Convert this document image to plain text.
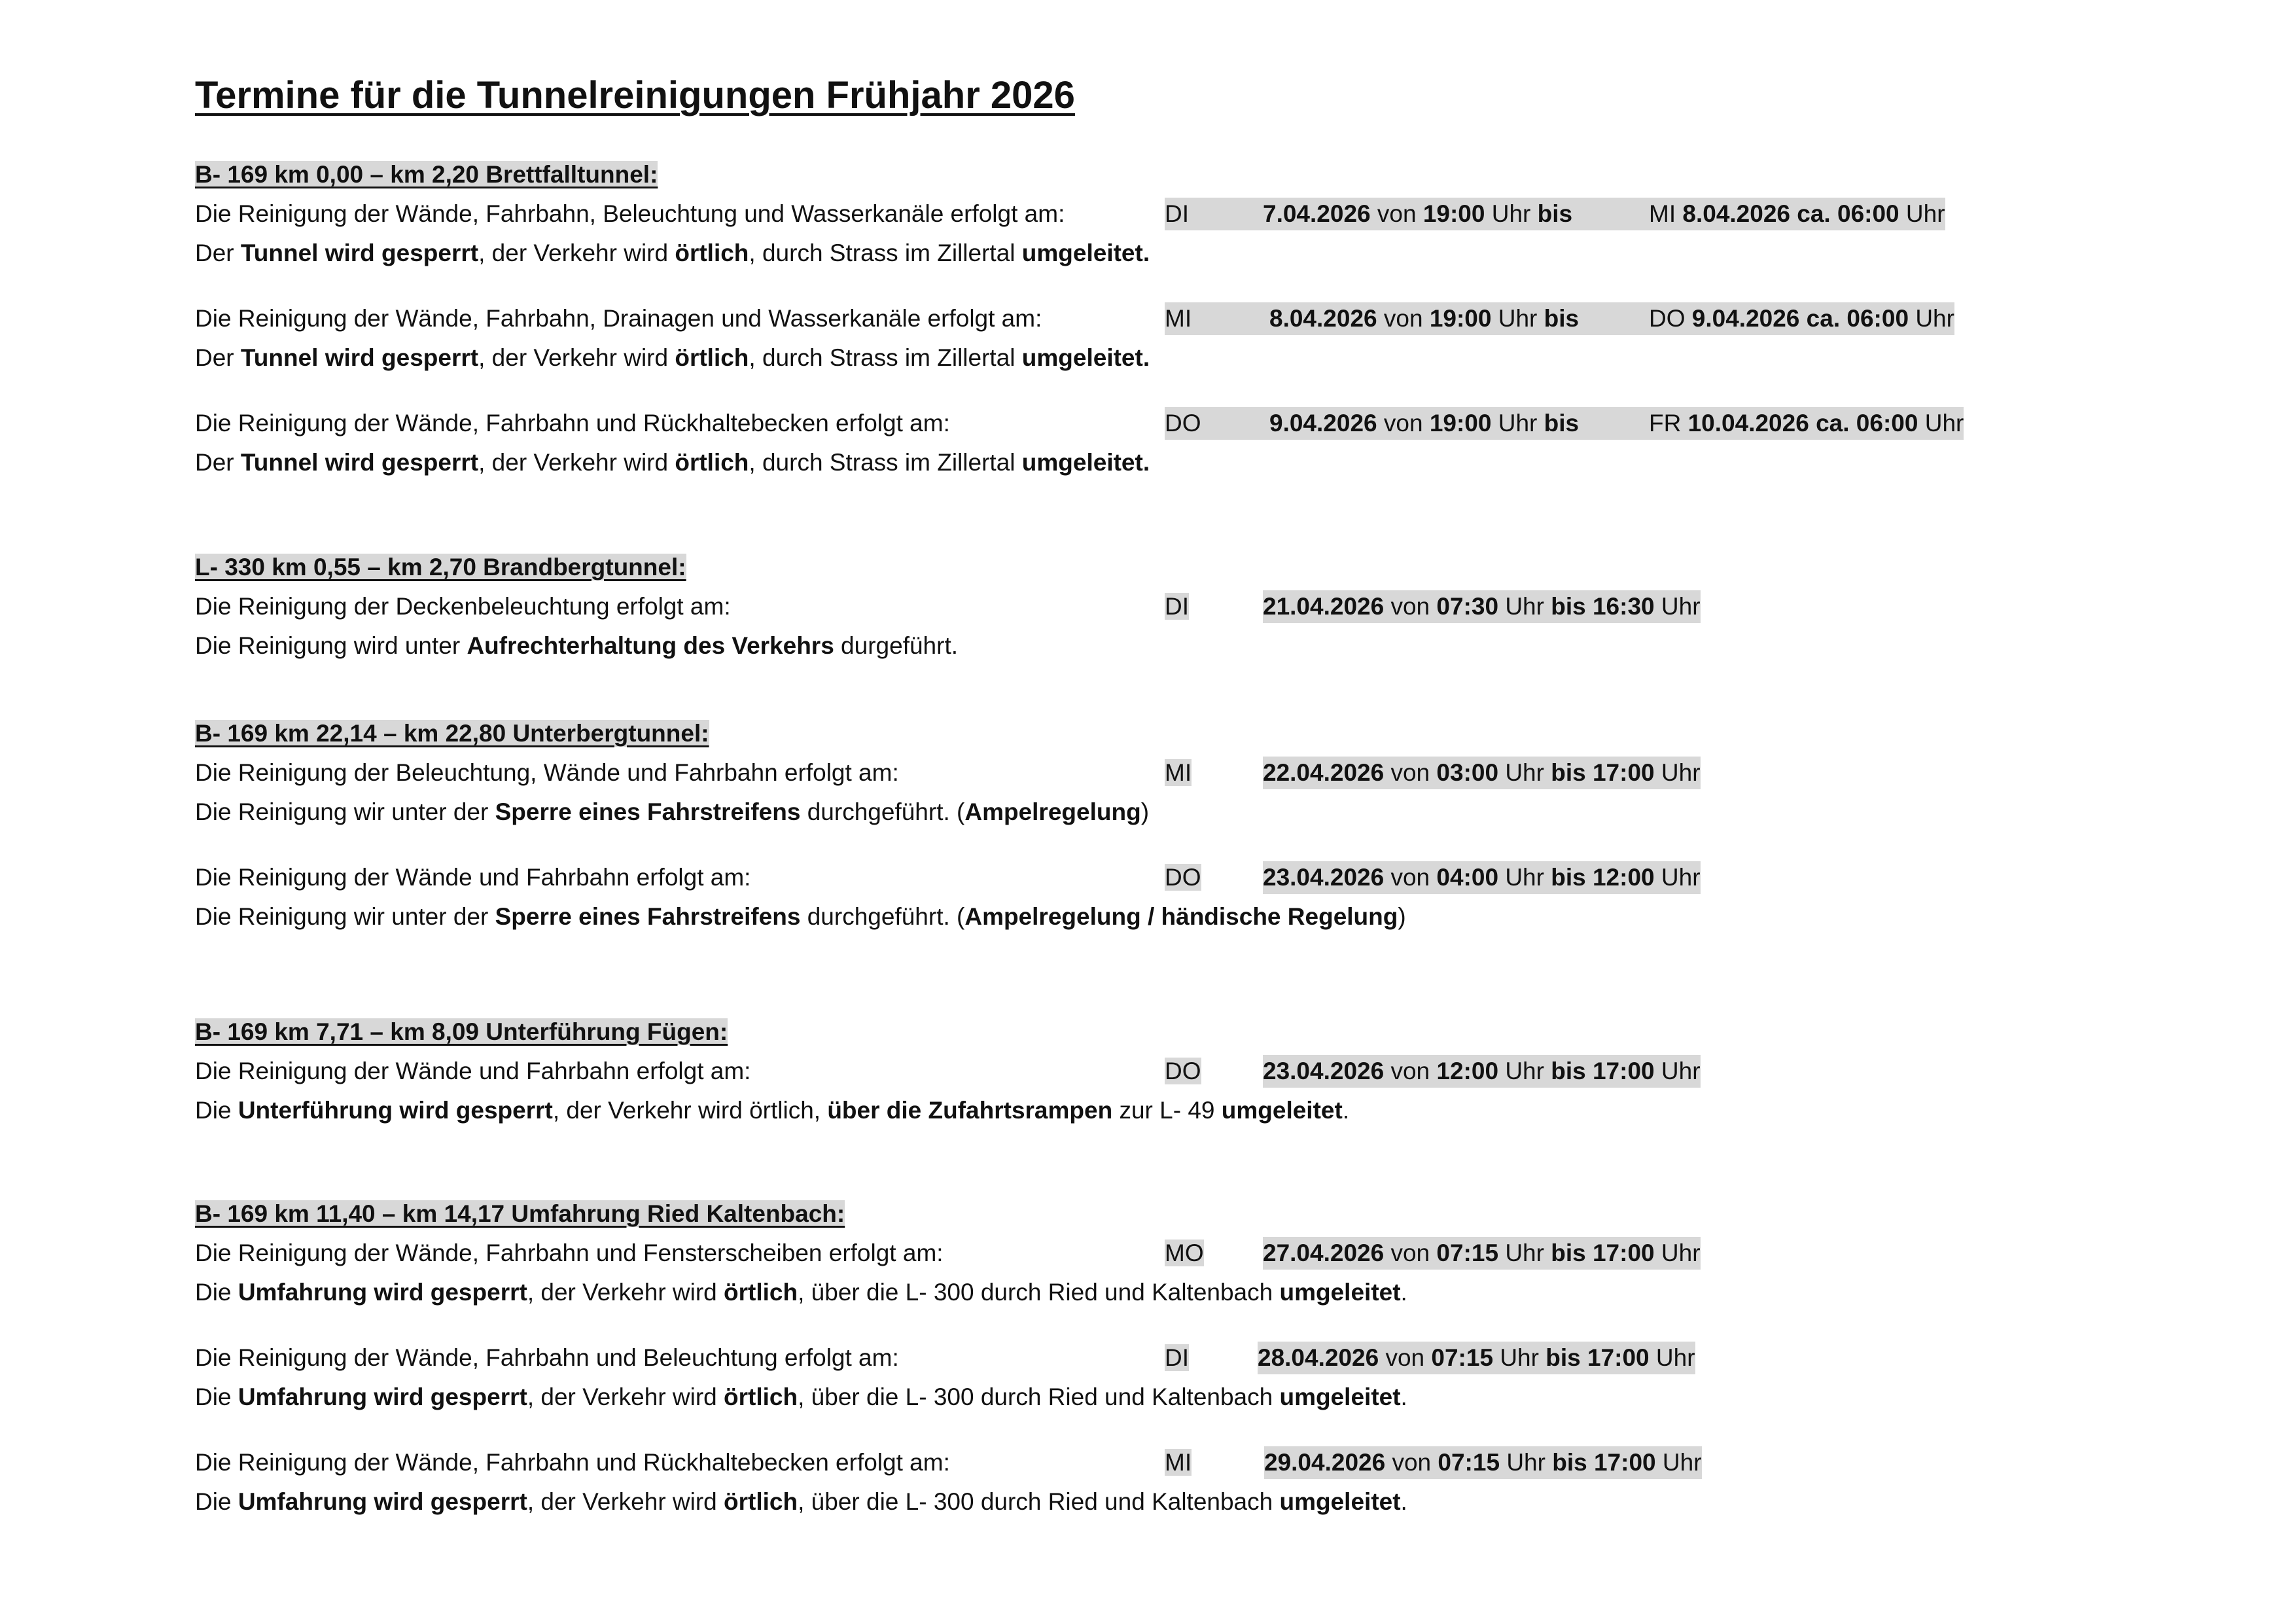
Termine für die Tunnelreinigungen Frühjahr 2026
B- 169 km 0,00 – km 2,20 Brettfalltunnel:
Die Reinigung der Wände, Fahrbahn, Beleuchtung und Wasserkanäle erfolgt am:	DI	7.04.2026 von 19:00 Uhr bis	MI 8.04.2026 ca. 06:00 Uhr
Der Tunnel wird gesperrt, der Verkehr wird örtlich, durch Strass im Zillertal umgeleitet.
Die Reinigung der Wände, Fahrbahn, Drainagen und Wasserkanäle erfolgt am:	MI	8.04.2026 von 19:00 Uhr bis	DO 9.04.2026 ca. 06:00 Uhr
Der Tunnel wird gesperrt, der Verkehr wird örtlich, durch Strass im Zillertal umgeleitet.
Die Reinigung der Wände, Fahrbahn und Rückhaltebecken erfolgt am:	DO	9.04.2026 von 19:00 Uhr bis	FR 10.04.2026 ca. 06:00 Uhr
Der Tunnel wird gesperrt, der Verkehr wird örtlich, durch Strass im Zillertal umgeleitet.
L- 330 km 0,55 – km 2,70 Brandbergtunnel:
Die Reinigung der Deckenbeleuchtung erfolgt am:	DI	21.04.2026 von 07:30 Uhr bis 16:30 Uhr
Die Reinigung wird unter Aufrechterhaltung des Verkehrs durgeführt.
B- 169 km 22,14 – km 22,80 Unterbergtunnel:
Die Reinigung der Beleuchtung, Wände und Fahrbahn erfolgt am:	MI	22.04.2026 von 03:00 Uhr bis 17:00 Uhr
Die Reinigung wir unter der Sperre eines Fahrstreifens durchgeführt. (Ampelregelung)
Die Reinigung der Wände und Fahrbahn erfolgt am:	DO	23.04.2026 von 04:00 Uhr bis 12:00 Uhr
Die Reinigung wir unter der Sperre eines Fahrstreifens durchgeführt. (Ampelregelung / händische Regelung)
B- 169 km 7,71 – km 8,09 Unterführung Fügen:
Die Reinigung der Wände und Fahrbahn erfolgt am:	DO	23.04.2026 von 12:00 Uhr bis 17:00 Uhr
Die Unterführung wird gesperrt, der Verkehr wird örtlich, über die Zufahrtsrampen zur L- 49 umgeleitet.
B- 169 km 11,40 – km 14,17 Umfahrung Ried Kaltenbach:
Die Reinigung der Wände, Fahrbahn und Fensterscheiben erfolgt am:	MO 27.04.2026 von 07:15 Uhr bis 17:00 Uhr
Die Umfahrung wird gesperrt, der Verkehr wird örtlich, über die L- 300 durch Ried und Kaltenbach umgeleitet.
Die Reinigung der Wände, Fahrbahn und Beleuchtung erfolgt am:	DI	28.04.2026 von 07:15 Uhr bis 17:00 Uhr
Die Umfahrung wird gesperrt, der Verkehr wird örtlich, über die L- 300 durch Ried und Kaltenbach umgeleitet.
Die Reinigung der Wände, Fahrbahn und Rückhaltebecken erfolgt am:	MI	29.04.2026 von 07:15 Uhr bis 17:00 Uhr
Die Umfahrung wird gesperrt, der Verkehr wird örtlich, über die L- 300 durch Ried und Kaltenbach umgeleitet.
